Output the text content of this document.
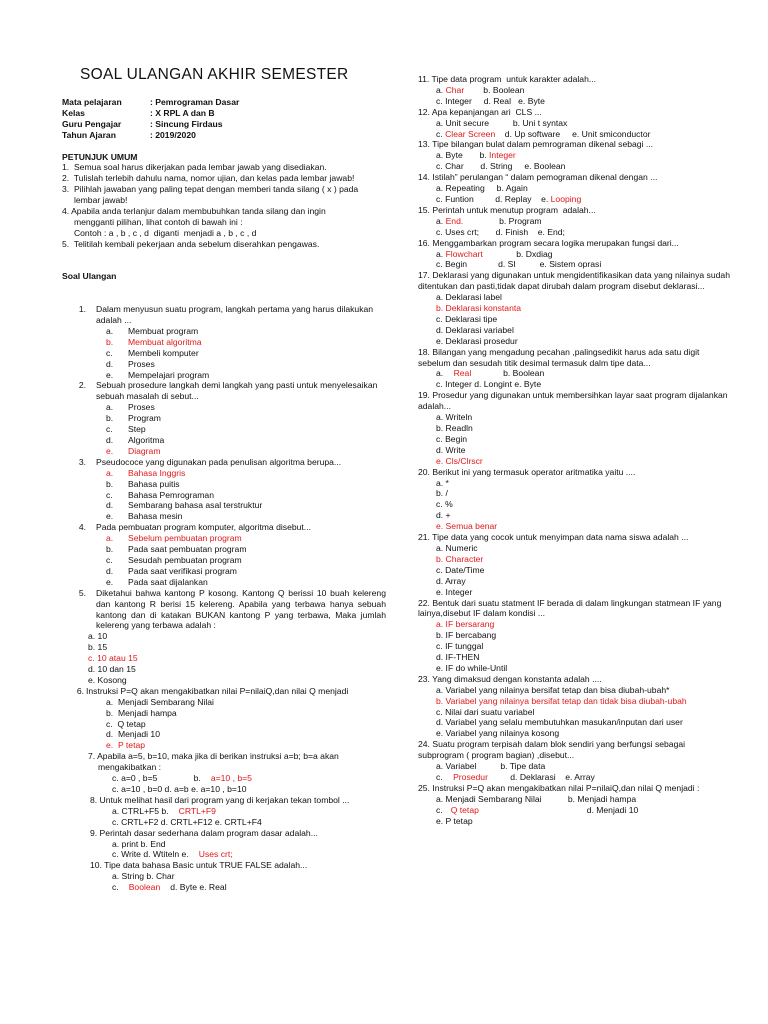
SOAL ULANGAN AKHIR SEMESTER
Mata pelajaran	: Pemrograman Dasar
Kelas	: X RPL A dan B
Guru Pengajar	: Sincung Firdaus
Tahun Ajaran	: 2019/2020
PETUNJUK UMUM
1.  Semua soal harus dikerjakan pada lembar jawab yang disediakan.
2.  Tulislah terlebih dahulu nama, nomor ujian, dan kelas pada lembar jawab!
3.  Pilihlah jawaban yang paling tepat dengan memberi tanda silang ( x ) pada
lembar jawab!
4. Apabila anda terlanjur dalam membubuhkan tanda silang dan ingin
mengganti pilihan, lihat contoh di bawah ini :
Contoh : a , b , c , d  diganti  menjadi a , b , c , d
5.  Telitilah kembali pekerjaan anda sebelum diserahkan pengawas.
Soal Ulangan
1.	Dalam menyusun suatu program, langkah pertama yang harus dilakukan adalah ...
a.	Membuat program
b.	Membuat algoritma
c.	Membeli komputer
d.	Proses
e.	Mempelajari program
2.	Sebuah prosedure langkah demi langkah yang pasti untuk menyelesaikan sebuah masalah di sebut...
a.	Proses
b.	Program
c.	Step
d.	Algoritma
e.	Diagram
3.	Pseudococe yang digunakan pada penulisan algoritma berupa...
a.	Bahasa Inggris
b.	Bahasa puitis
c.	Bahasa Pemrograman
d.	Sembarang bahasa asal terstruktur
e.	Bahasa mesin
4.	Pada pembuatan program komputer, algoritma disebut...
a.	Sebelum pembuatan program
b.	Pada saat pembuatan program
c.	Sesudah pembuatan program
d.	Pada saat verifikasi program
e.	Pada saat dijalankan
5.	Diketahui bahwa kantong P kosong. Kantong Q berissi 10 buah kelereng dan kantong R berisi 15 kelereng. Apabila yang terbawa hanya sebuah kantong dan di katakan BUKAN kantong P yang terbawa, Maka jumlah kelereng yang terbawa adalah :
a. 10
b. 15
c. 10 atau 15
d. 10 dan 15
e. Kosong
6. Instruksi P=Q akan mengakibatkan nilai P=nilaiQ,dan nilai Q menjadi
a.  Menjadi Sembarang Nilai
b.  Menjadi hampa
c.  Q tetap
d.  Menjadi 10
e.  P tetap
7. Apabila a=5, b=10, maka jika di berikan instruksi a=b; b=a akan
mengakibatkan :
c. a=0 , b=5           b. a=10 , b=5
c. a=10 , b=0 d. a=b e. a=10 , b=10
8. Untuk melihat hasil dari program yang di kerjakan tekan tombol ...
a. CTRL+F5 b. CRTL+F9
c. CRTL+F2 d. CRTL+F12 e. CRTL+F4
9. Perintah dasar sederhana dalam program dasar adalah...
a. print b. End
c. Write d. Wtiteln e. Uses crt;
10. Tipe data bahasa Basic untuk TRUE FALSE adalah...
a. String b. Char
c. Boolean d. Byte e. Real
11. Tipe data program  untuk karakter adalah...
a. Char        b. Boolean
c. Integer     d. Real   e. Byte
12. Apa kepanjangan ari  CLS ...
a. Unit secure          b. Uni t syntax
c. Clear Screen    d. Up software     e. Unit smiconductor
13. Tipe bilangan bulat dalam pemrograman dikenal sebagi ...
a. Byte       b. Integer
c. Char       d. String     e. Boolean
14. Istilah” perulangan “ dalam pemograman dikenal dengan ...
a. Repeating     b. Again
c. Funtion         d. Replay    e. Looping
15. Perintah untuk menutup program  adalah...
a. End.               b. Program
c. Uses crt;       d. Finish    e. End;
16. Menggambarkan program secara logika merupakan fungsi dari...
a. Flowchart              b. Dxdiag
c. Begin             d. SI          e. Sistem oprasi
17. Deklarasi yang digunakan untuk mengidentifikasikan data yang nilainya sudah ditentukan dan pasti,tidak dapat dirubah dalam program disebut deklarasi...
a. Deklarasi label
b. Deklarasi konstanta
c. Deklarasi tipe
d. Deklarasi variabel
e. Deklarasi prosedur
18. Bilangan yang mengadung pecahan ,palingsedikit harus ada satu digit sebelum dan sesudah titik desimal termasuk dalm tipe data...
a. Real          b. Boolean
c. Integer d. Longint e. Byte
19. Prosedur yang digunakan untuk membersihkan layar saat program dijalankan adalah...
a. Writeln
b. Readln
c. Begin
d. Write
e. Cls/Clrscr
20. Berikut ini yang termasuk operator aritmatika yaitu ....
a. *
b. /
c. %
d. +
e. Semua benar
21. Tipe data yang cocok untuk menyimpan data nama siswa adalah ...
a. Numeric
b. Character
c. Date/Time
d. Array
e. Integer
22. Bentuk dari suatu statment IF berada di dalam lingkungan statmean IF yang lainya,disebut IF dalam kondisi ...
a. IF bersarang
b. IF bercabang
c. IF tunggal
d. IF-THEN
e. IF do while-Until
23. Yang dimaksud dengan konstanta adalah ....
a. Variabel yang nilainya bersifat tetap dan bisa diubah-ubah*
b. Variabel yang nilainya bersifat tetap dan tidak bisa diubah-ubah
c. Nilai dari suatu variabel
d. Variabel yang selalu membutuhkan masukan/inputan dari user
e. Variabel yang nilainya kosong
24. Suatu program terpisah dalam blok sendiri yang berfungsi sebagai subprogram ( program bagian) ,disebut...
a. Variabel          b. Tipe data
c. Prosedur      d. Deklarasi    e. Array
25. Instruksi P=Q akan mengakibatkan nilai P=nilaiQ,dan nilai Q menjadi :
a. Menjadi Sembarang Nilai           b. Menjadi hampa
c. Q tetap	d. Menjadi 10
e. P tetap
